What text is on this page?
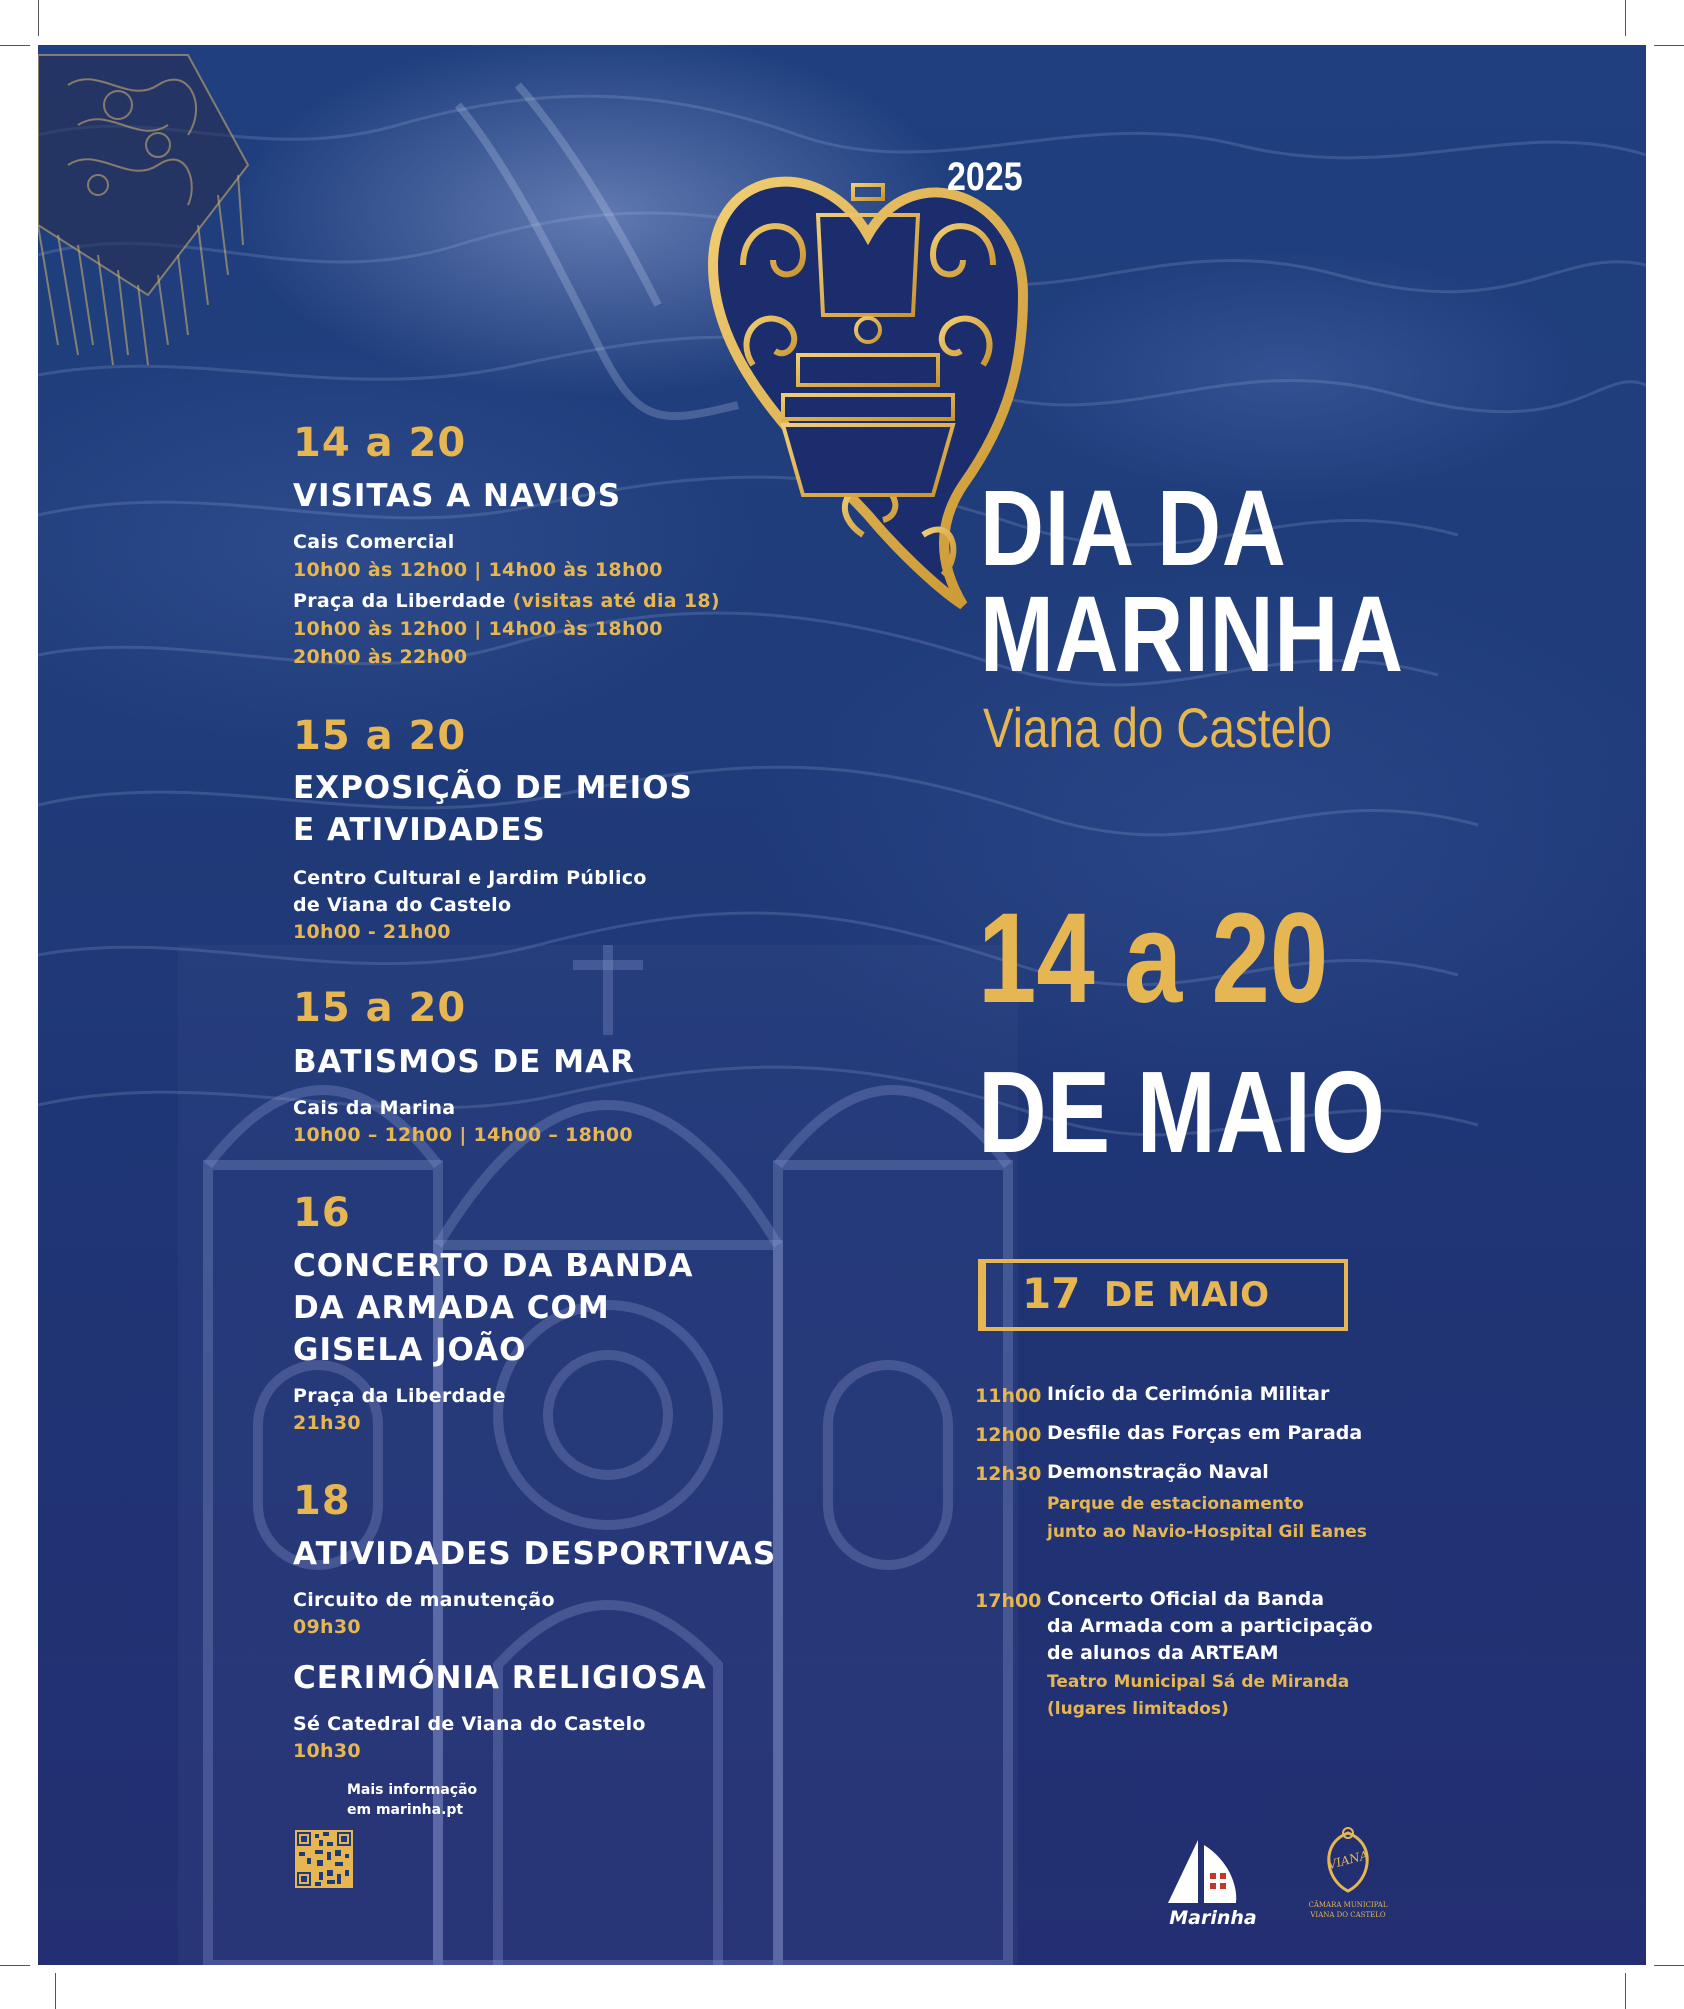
2025
DIA DA
MARINHA
Viana do Castelo
14 a 20
DE MAIO
14 a 20
VISITAS A NAVIOS
Cais Comercial
10h00 às 12h00 | 14h00 às 18h00
Praça da Liberdade (visitas até dia 18)
10h00 às 12h00 | 14h00 às 18h00
20h00 às 22h00
15 a 20
EXPOSIÇÃO DE MEIOS
E ATIVIDADES
Centro Cultural e Jardim Público
de Viana do Castelo
10h00 - 21h00
15 a 20
BATISMOS DE MAR
Cais da Marina
10h00 – 12h00 | 14h00 – 18h00
16
CONCERTO DA BANDA
DA ARMADA COM
GISELA JOÃO
Praça da Liberdade
21h30
18
ATIVIDADES DESPORTIVAS
Circuito de manutenção
09h30
CERIMÓNIA RELIGIOSA
Sé Catedral de Viana do Castelo
10h30
Mais informação
em marinha.pt
17 DE MAIO
11h00 Início da Cerimónia Militar
12h00 Desfile das Forças em Parada
12h30 Demonstração Naval
Parque de estacionamento
junto ao Navio-Hospital Gil Eanes
17h00 Concerto Oficial da Banda
da Armada com a participação
de alunos da ARTEAM
Teatro Municipal Sá de Miranda
(lugares limitados)
Marinha
VIANA
CÂMARA MUNICIPAL
VIANA DO CASTELO
